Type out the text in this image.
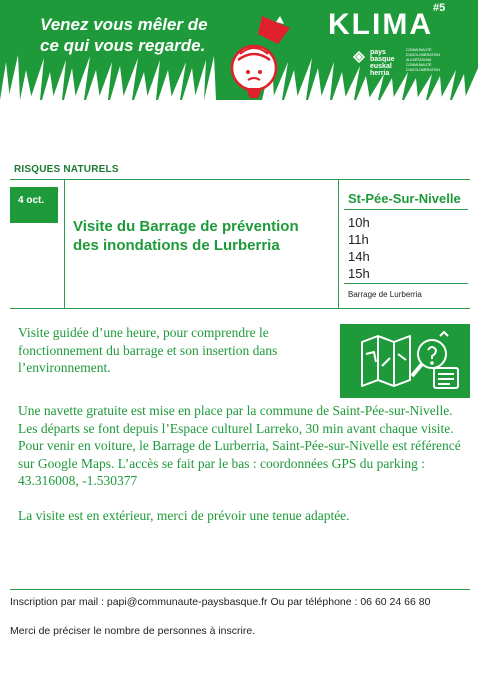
Venez vous mêler de
ce qui vous regarde.
KLIMA$^{\#5}$
pays
basque
euskal
herria
COMMUNAUTÉ D'AGGLOMÉRATION
ALKARTASUNA
COMMUNAUTÉ D'AGGLOMÉRATION
RISQUES NATURELS
4 oct.
Visite du Barrage de prévention des inondations de Lurberria
St-Pée-Sur-Nivelle
10h
11h
14h
15h
Barrage de Lurberria
Visite guidée d’une heure, pour comprendre le fonctionnement du barrage et son insertion dans l’environnement.

Une navette gratuite est mise en place par la commune de Saint-Pée-sur-Nivelle. Les départs se font depuis l’Espace culturel Larreko, 30 min avant chaque visite.

Pour venir en voiture, le Barrage de Lurberria, Saint-Pée-sur-Nivelle est référencé sur Google Maps. L’accès se fait par le bas : coordonnées GPS du parking : 43.316008, -1.530377

La visite est en extérieur, merci de prévoir une tenue adaptée.

Inscription par mail : papi@communaute-paysbasque.fr Ou par téléphone : 06 60 24 66 80

Merci de préciser le nombre de personnes à inscrire.
